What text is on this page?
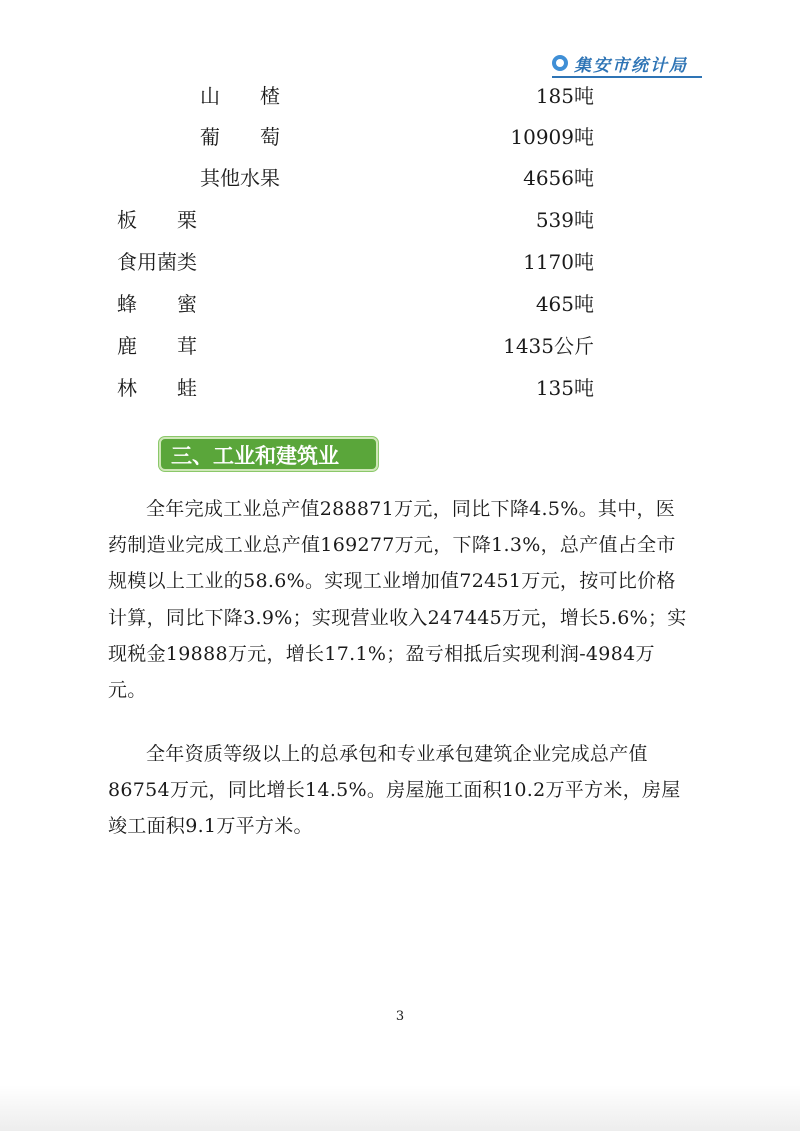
集安市统计局
山　　楂	185吨
葡　　萄	10909吨
其他水果	4656吨
板　　栗	539吨
食用菌类	1170吨
蜂　　蜜	465吨
鹿　　茸	1435公斤
林　　蛙	135吨
三、工业和建筑业

全年完成工业总产值288871万元，同比下降4.5%。其中，医药制造业完成工业总产值169277万元，下降1.3%，总产值占全市规模以上工业的58.6%。实现工业增加值72451万元，按可比价格计算，同比下降3.9%；实现营业收入247445万元，增长5.6%；实现税金19888万元，增长17.1%；盈亏相抵后实现利润-4984万元。

全年资质等级以上的总承包和专业承包建筑企业完成总产值86754万元，同比增长14.5%。房屋施工面积10.2万平方米，房屋竣工面积9.1万平方米。

3
